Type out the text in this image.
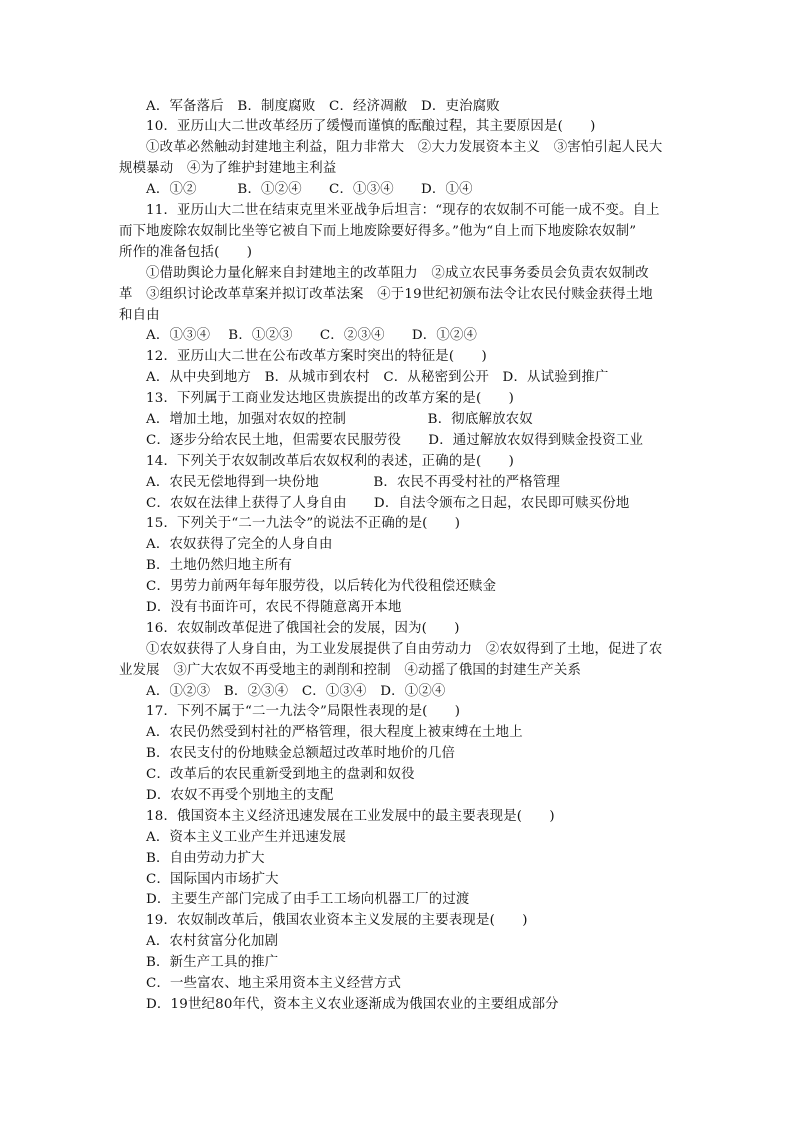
A．军备落后　B．制度腐败　C．经济凋敝　D．吏治腐败
10．亚历山大二世改革经历了缓慢而谨慎的酝酿过程，其主要原因是(　　)
①改革必然触动封建地主利益，阻力非常大　②大力发展资本主义　③害怕引起人民大
规模暴动　④为了维护封建地主利益
A．①②　　　B．①②④　　C．①③④　　D．①④
11．亚历山大二世在结束克里米亚战争后坦言：“现存的农奴制不可能一成不变。自上
而下地废除农奴制比坐等它被自下而上地废除要好得多。”他为“自上而下地废除农奴制”
所作的准备包括(　　)
①借助舆论力量化解来自封建地主的改革阻力　②成立农民事务委员会负责农奴制改
革　③组织讨论改革草案并拟订改革法案　④于19世纪初颁布法令让农民付赎金获得土地
和自由
A．①③④　 B．①②③　　C．②③④　　D．①②④
12．亚历山大二世在公布改革方案时突出的特征是(　　)
A．从中央到地方　B．从城市到农村　C．从秘密到公开　D．从试验到推广
13．下列属于工商业发达地区贵族提出的改革方案的是(　　)
A．增加土地，加强对农奴的控制　　　　　　B．彻底解放农奴
C．逐步分给农民土地，但需要农民服劳役　　D．通过解放农奴得到赎金投资工业
14．下列关于农奴制改革后农奴权利的表述，正确的是(　　)
A．农民无偿地得到一块份地　　　　B．农民不再受村社的严格管理
C．农奴在法律上获得了人身自由　　D．自法令颁布之日起，农民即可赎买份地
15．下列关于“二一九法令”的说法不正确的是(　　)
A．农奴获得了完全的人身自由
B．土地仍然归地主所有
C．男劳力前两年每年服劳役，以后转化为代役租偿还赎金
D．没有书面许可，农民不得随意离开本地
16．农奴制改革促进了俄国社会的发展，因为(　　)
①农奴获得了人身自由，为工业发展提供了自由劳动力　②农奴得到了土地，促进了农
业发展　③广大农奴不再受地主的剥削和控制　④动摇了俄国的封建生产关系
A．①②③　B．②③④　C．①③④　D．①②④
17．下列不属于“二一九法令”局限性表现的是(　　)
A．农民仍然受到村社的严格管理，很大程度上被束缚在土地上
B．农民支付的份地赎金总额超过改革时地价的几倍
C．改革后的农民重新受到地主的盘剥和奴役
D．农奴不再受个别地主的支配
18．俄国资本主义经济迅速发展在工业发展中的最主要表现是(　　)
A．资本主义工业产生并迅速发展
B．自由劳动力扩大
C．国际国内市场扩大
D．主要生产部门完成了由手工工场向机器工厂的过渡
19．农奴制改革后，俄国农业资本主义发展的主要表现是(　　)
A．农村贫富分化加剧
B．新生产工具的推广
C．一些富农、地主采用资本主义经营方式
D．19世纪80年代，资本主义农业逐渐成为俄国农业的主要组成部分
